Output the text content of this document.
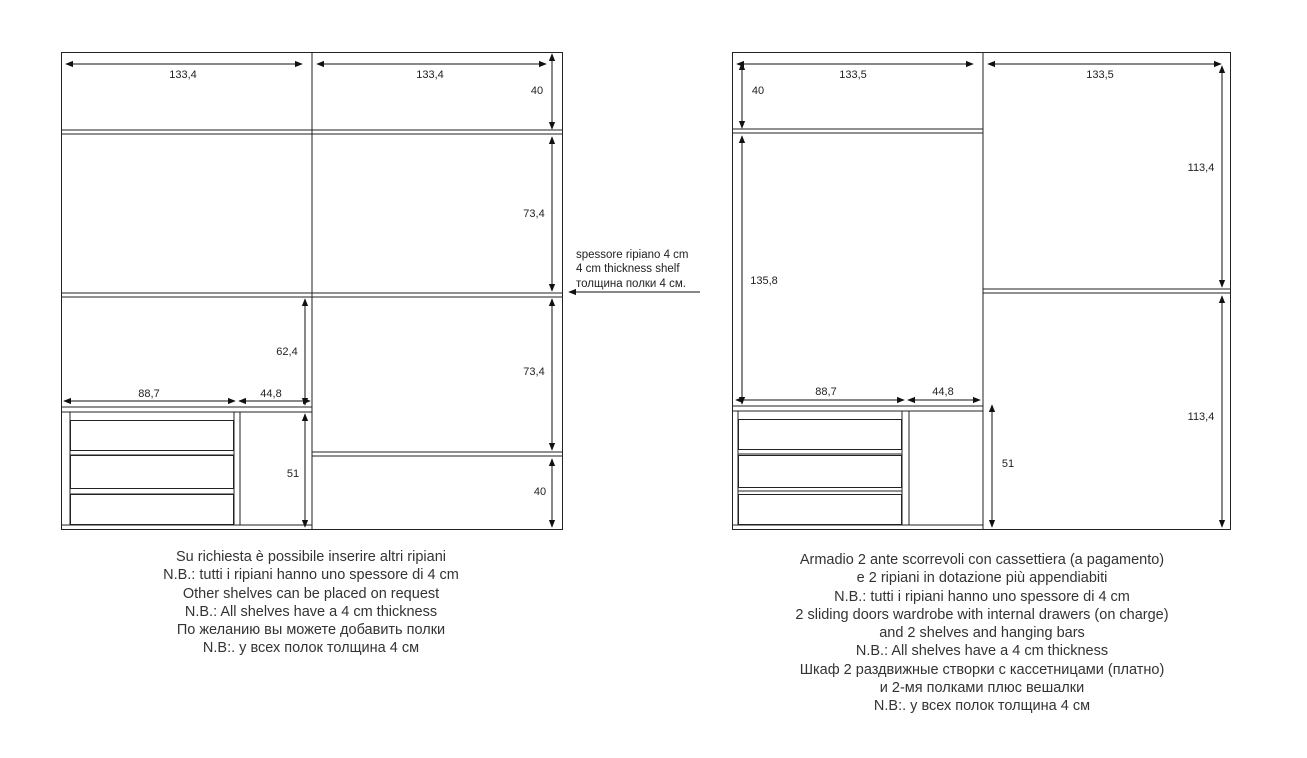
133,4	133,4
40
73,4
73,4
40
62,4
88,7	44,8
51
spessore ripiano 4 cm
4 cm thickness shelf
толщина полки 4 см.
133,5	133,5
40
135,8
113,4
113,4
88,7	44,8
51
Su richiesta è possibile inserire altri ripiani
N.B.: tutti i ripiani hanno uno spessore di 4 cm
Other shelves can be placed on request
N.B.: All shelves have a 4 cm thickness
По желанию вы можете добавить полки
N.B:. у всех полок толщина 4 см
Armadio 2 ante scorrevoli con cassettiera (a pagamento)
e 2 ripiani in dotazione più appendiabiti
N.B.: tutti i ripiani hanno uno spessore di 4 cm
2 sliding doors wardrobe with internal drawers (on charge)
and 2 shelves and hanging bars
N.B.: All shelves have a 4 cm thickness
Шкаф 2 раздвижные створки с кассетницами (платно)
и 2-мя полками плюс вешалки
N.B:. у всех полок толщина 4 см
